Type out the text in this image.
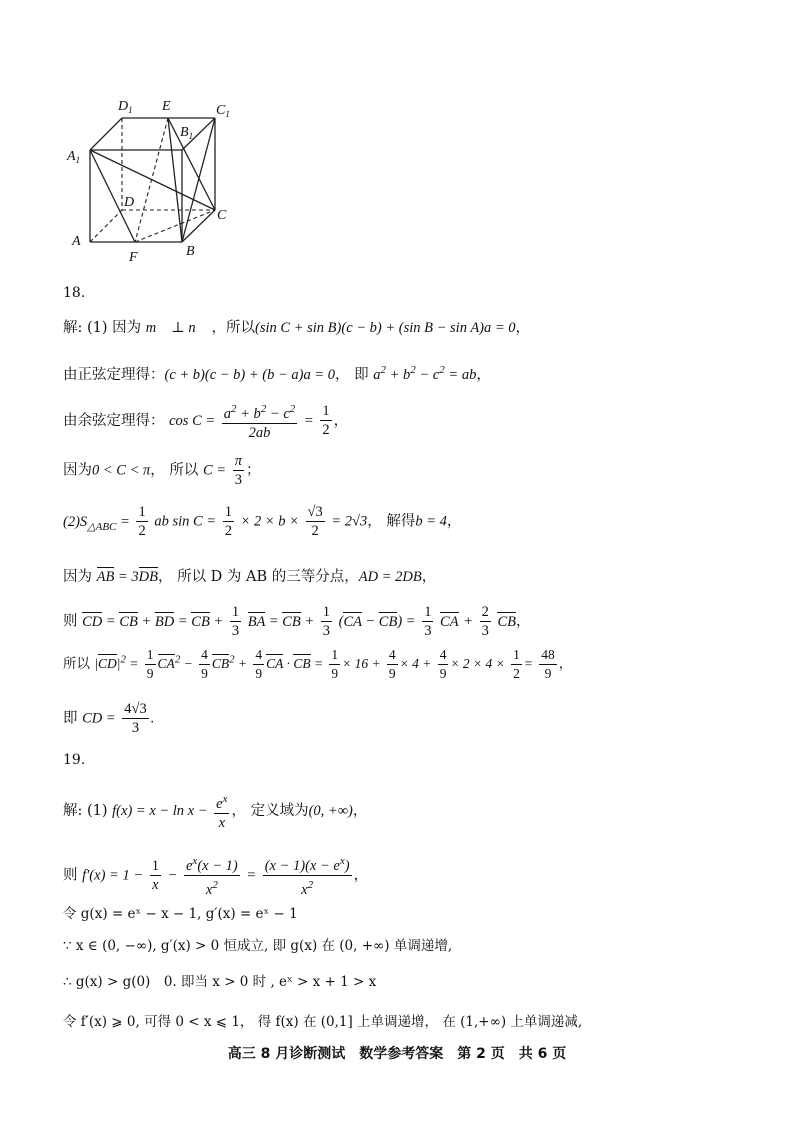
$D_1$ E	$C_1$
$B_1$
$A_1$
D
C
A
B
F
18.
解: (1) 因为 m⃗ ⊥ n⃗ ，所以(sin C + sin B)(c − b) + (sin B − sin A)a = 0，
由正弦定理得：(c + b)(c − b) + (b − a)a = 0， 即 $a^2 + b^2 - c^2$ = ab，
由余弦定理得： $\cos C = \frac{a^2 + b^2 - c^2}{2ab} = \frac{1}{2}$ ，
因为0 < C < π， 所以 $C = \frac{\pi}{3}$ ；
$(2)S_{\triangle ABC} = \frac{1}{2}$ ab $\sin C = \frac{1}{2} \times 2 \times b \times \frac{√3}{2} = 2√3$， 解得b = 4，
因为 AB = 3DB， 所以 D 为 AB 的三等分点，AD = 2DB，
则 CD = CB + BD = CB + $\frac{1}{3}$ BA = CB + $\frac{1}{3} (CA - CB) = \frac{1}{3}$ CA + $\frac{2}{3}$ CB，
所以 $|CD|^2 = \frac{1}{9} CA^2 - \frac{4}{9} CB^2 + \frac{4}{9}$ CA · CB = $\frac{1}{9} \times 16 + \frac{4}{9} \times 4 + \frac{4}{9} \times 2 \times 4 \times \frac{1}{2} = \frac{48}{9}$ ，
即 CD = $\frac{4√3}{3}$ .
19.
解: (1) $f(x) = x - \ln x - \frac{e^x}{x}$ ， 定义域为(0, +∞)，
则 $f'(x) = 1 - \frac{1}{x} - \frac{e^x(x - 1)}{x^2} = \frac{(x - 1)(x - e^x)}{x^2}$ ，
令 g(x) = eˣ − x − 1, g′(x) = eˣ − 1
∵ x ∈ (0, −∞), g′(x) > 0 恒成立, 即 g(x) 在 (0, +∞) 单调递增,
∴ g(x) > g(0)　0. 即当 x > 0 时 , eˣ > x + 1 > x
令 f′(x) ⩾ 0, 可得 0 < x ⩽ 1， 得 f(x) 在 (0,1] 上单调递增， 在 (1,+∞) 上单调递减,
高三 8 月诊断测试　数学参考答案　第 2 页　共 6 页
